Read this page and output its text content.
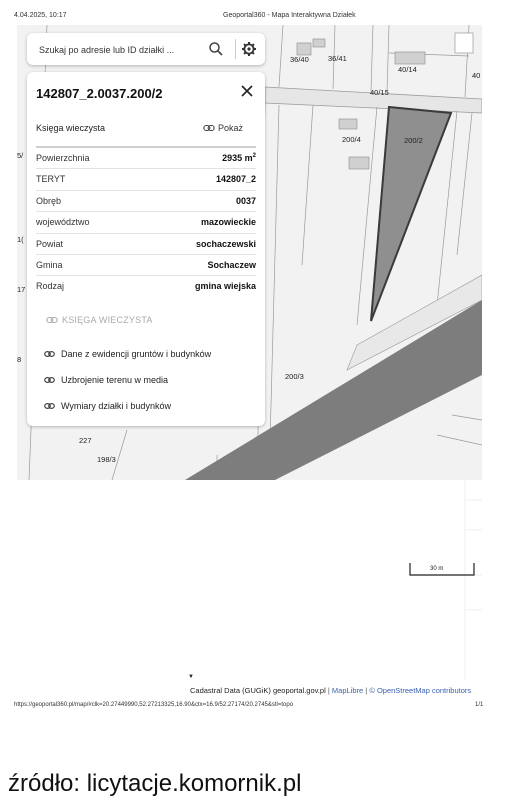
4.04.2025, 10:17	Geoportal360 - Mapa Interaktywna Działek
36/40	36/41
40/14
40/15
200/4	200/2
200/3
227
198/3
40
5/
1(
17
8
Szukaj po adresie lub ID działki ...
142807_2.0037.200/2
Księga wieczysta	Pokaż
Powierzchnia	2935 $m^2$
TERYT	142807_2
Obręb	0037
województwo	mazowieckie
Powiat	sochaczewski
Gmina	Sochaczew
Rodzaj	gmina wiejska
KSIĘGA WIECZYSTA
Dane z ewidencji gruntów i budynków
Uzbrojenie terenu w media
Wymiary działki i budynków
30 m
▼
Cadastral Data (GUGiK) geoportal.gov.pl | MapLibre | © OpenStreetMap contributors
https://geoportal360.pl/map/#clk=20.27449990,52.27213325,16.90&ctx=16.9/52.27174/20.2745&stl=topo	1/1
źródło: licytacje.komornik.pl
